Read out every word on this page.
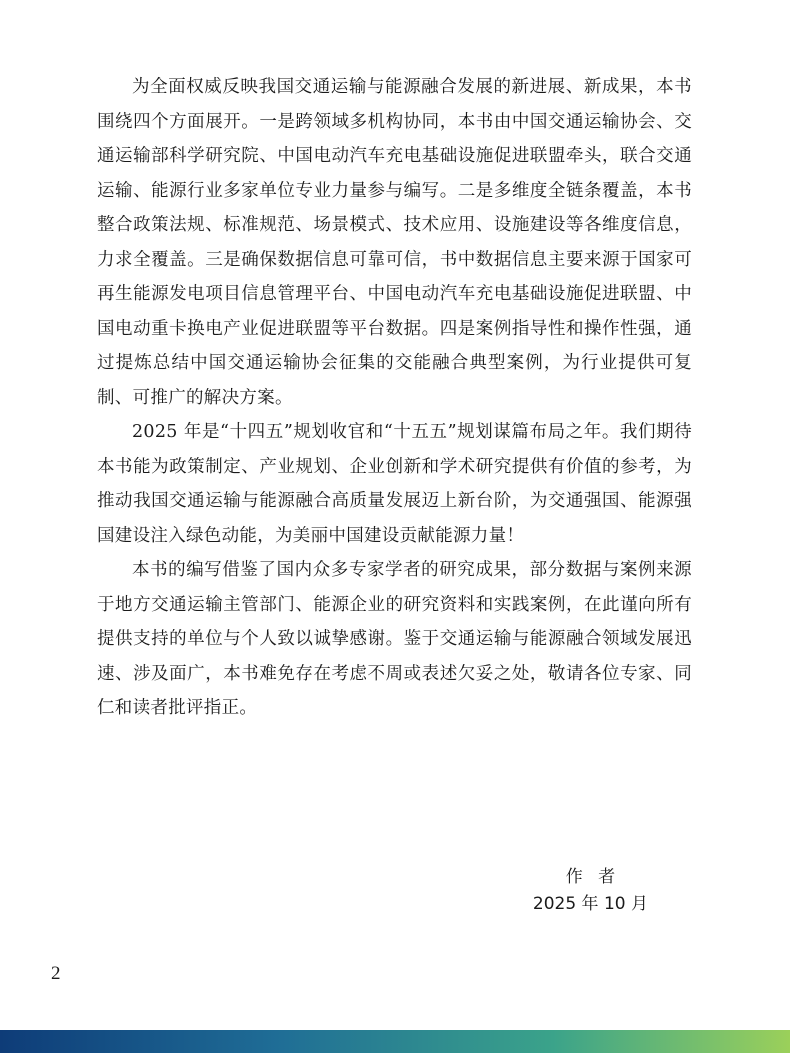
为全面权威反映我国交通运输与能源融合发展的新进展、新成果，本书围绕四个方面展开。一是跨领域多机构协同，本书由中国交通运输协会、交通运输部科学研究院、中国电动汽车充电基础设施促进联盟牵头，联合交通运输、能源行业多家单位专业力量参与编写。二是多维度全链条覆盖，本书整合政策法规、标准规范、场景模式、技术应用、设施建设等各维度信息，力求全覆盖。三是确保数据信息可靠可信，书中数据信息主要来源于国家可再生能源发电项目信息管理平台、中国电动汽车充电基础设施促进联盟、中国电动重卡换电产业促进联盟等平台数据。四是案例指导性和操作性强，通过提炼总结中国交通运输协会征集的交能融合典型案例，为行业提供可复制、可推广的解决方案。

2025 年是“十四五”规划收官和“十五五”规划谋篇布局之年。我们期待本书能为政策制定、产业规划、企业创新和学术研究提供有价值的参考，为推动我国交通运输与能源融合高质量发展迈上新台阶，为交通强国、能源强国建设注入绿色动能，为美丽中国建设贡献能源力量！

本书的编写借鉴了国内众多专家学者的研究成果，部分数据与案例来源于地方交通运输主管部门、能源企业的研究资料和实践案例，在此谨向所有提供支持的单位与个人致以诚挚感谢。鉴于交通运输与能源融合领域发展迅速、涉及面广，本书难免存在考虑不周或表述欠妥之处，敬请各位专家、同仁和读者批评指正。

作者
2025 年 10 月
2
